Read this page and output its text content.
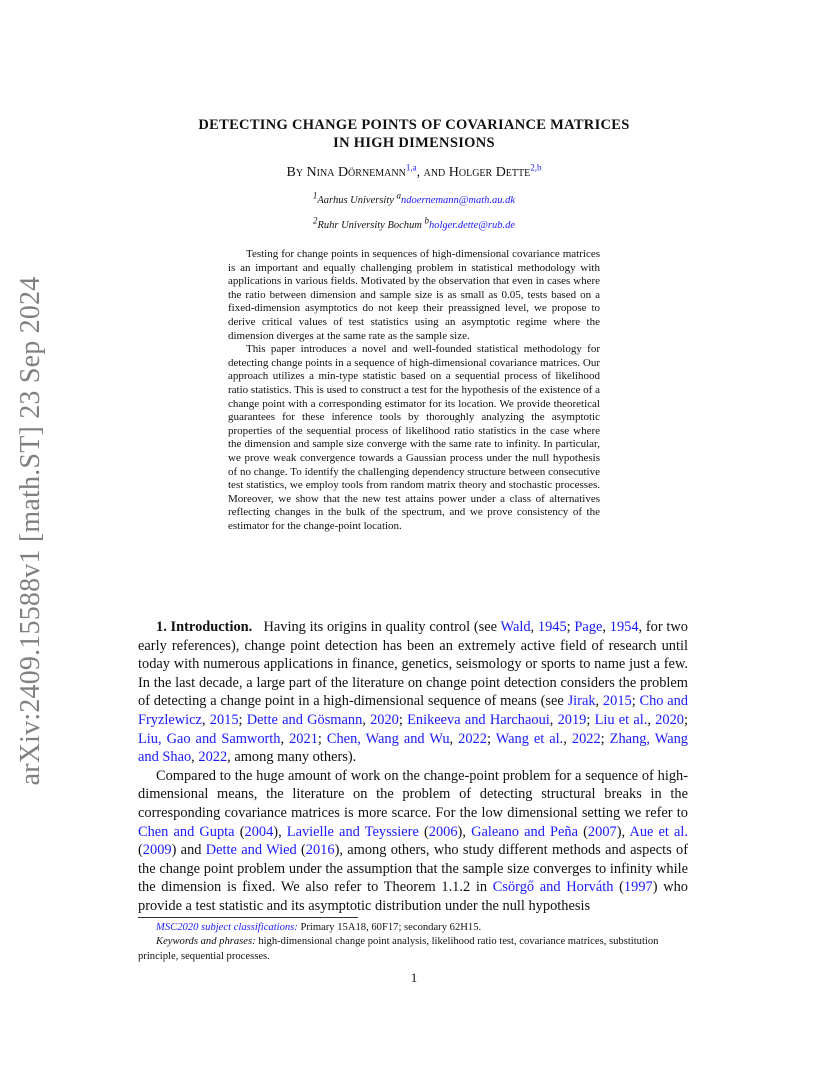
arXiv:2409.15588v1 [math.ST] 23 Sep 2024
DETECTING CHANGE POINTS OF COVARIANCE MATRICES
IN HIGH DIMENSIONS
By Nina Dörnemann$^{1,a}$, and Holger Dette$^{2,b}$
$^1$Aarhus University $^a$ndoernemann@math.au.dk
$^2$Ruhr University Bochum $^b$holger.dette@rub.de

Testing for change points in sequences of high-dimensional covariance matrices is an important and equally challenging problem in statistical methodology with applications in various fields. Motivated by the observation that even in cases where the ratio between dimension and sample size is as small as 0.05, tests based on a fixed-dimension asymptotics do not keep their preassigned level, we propose to derive critical values of test statistics using an asymptotic regime where the dimension diverges at the same rate as the sample size.

This paper introduces a novel and well-founded statistical methodology for detecting change points in a sequence of high-dimensional covariance matrices. Our approach utilizes a min-type statistic based on a sequential process of likelihood ratio statistics. This is used to construct a test for the hypothesis of the existence of a change point with a corresponding estimator for its location. We provide theoretical guarantees for these inference tools by thoroughly analyzing the asymptotic properties of the sequential process of likelihood ratio statistics in the case where the dimension and sample size converge with the same rate to infinity. In particular, we prove weak convergence towards a Gaussian process under the null hypothesis of no change. To identify the challenging dependency structure between consecutive test statistics, we employ tools from random matrix theory and stochastic processes. Moreover, we show that the new test attains power under a class of alternatives reflecting changes in the bulk of the spectrum, and we prove consistency of the estimator for the change-point location.

1. Introduction. Having its origins in quality control (see Wald, 1945; Page, 1954, for two early references), change point detection has been an extremely active field of research until today with numerous applications in finance, genetics, seismology or sports to name just a few. In the last decade, a large part of the literature on change point detection considers the problem of detecting a change point in a high-dimensional sequence of means (see Jirak, 2015; Cho and Fryzlewicz, 2015; Dette and Gösmann, 2020; Enikeeva and Harchaoui, 2019; Liu et al., 2020; Liu, Gao and Samworth, 2021; Chen, Wang and Wu, 2022; Wang et al., 2022; Zhang, Wang and Shao, 2022, among many others).

Compared to the huge amount of work on the change-point problem for a sequence of high-dimensional means, the literature on the problem of detecting structural breaks in the corresponding covariance matrices is more scarce. For the low dimensional setting we refer to Chen and Gupta (2004), Lavielle and Teyssiere (2006), Galeano and Peña (2007), Aue et al. (2009) and Dette and Wied (2016), among others, who study different methods and aspects of the change point problem under the assumption that the sample size converges to infinity while the dimension is fixed. We also refer to Theorem 1.1.2 in Csörgő and Horváth (1997) who provide a test statistic and its asymptotic distribution under the null hypothesis

MSC2020 subject classifications: Primary 15A18, 60F17; secondary 62H15.

Keywords and phrases: high-dimensional change point analysis, likelihood ratio test, covariance matrices, substitution principle, sequential processes.

1
